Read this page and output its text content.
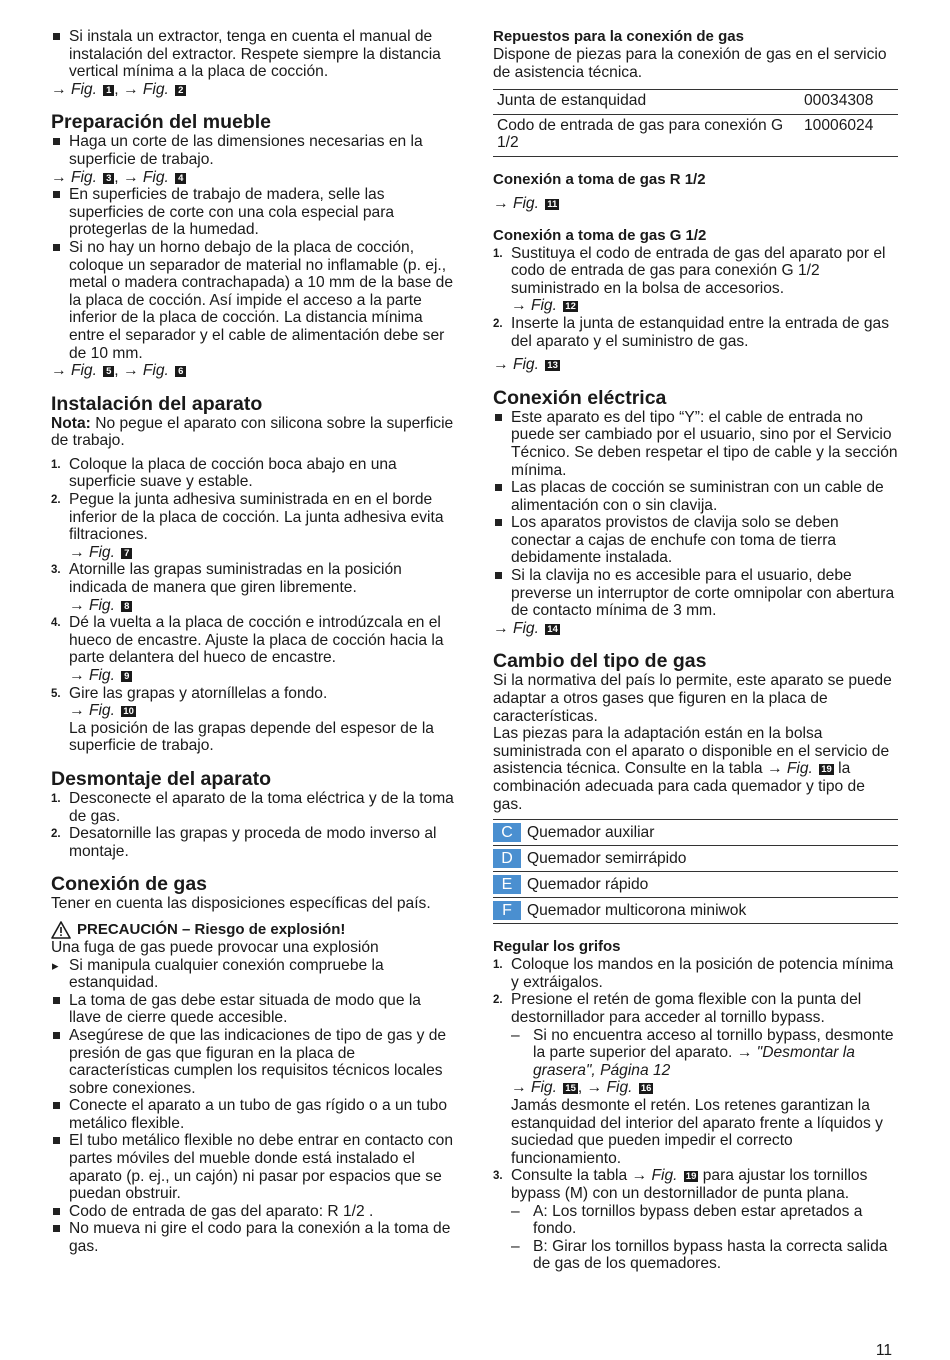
Si instala un extractor, tenga en cuenta el manual de instalación del extractor. Respete siempre la distancia vertical mínima a la placa de cocción.
→ Fig. 1 , → Fig. 2
Preparación del mueble
Haga un corte de las dimensiones necesarias en la superficie de trabajo.
→ Fig. 3 , → Fig. 4
En superficies de trabajo de madera, selle las superficies de corte con una cola especial para protegerlas de la humedad.
Si no hay un horno debajo de la placa de cocción, coloque un separador de material no inflamable (p. ej., metal o madera contrachapada) a 10 mm de la base de la placa de cocción. Así impide el acceso a la parte inferior de la placa de cocción. La distancia mínima entre el separador y el cable de alimentación debe ser de 10 mm.
→ Fig. 5 , → Fig. 6
Instalación del aparato

Nota: No pegue el aparato con silicona sobre la superficie de trabajo.

1. Coloque la placa de cocción boca abajo en una superficie suave y estable.
2. Pegue la junta adhesiva suministrada en en el borde inferior de la placa de cocción. La junta adhesiva evita filtraciones.
→ Fig. 7
3. Atornille las grapas suministradas en la posición indicada de manera que giren libremente.
→ Fig. 8
4. Dé la vuelta a la placa de cocción e introdúzcala en el hueco de encastre. Ajuste la placa de cocción hacia la parte delantera del hueco de encastre.
→ Fig. 9
5. Gire las grapas y atorníllelas a fondo.
→ Fig. 10
La posición de las grapas depende del espesor de la superficie de trabajo.
Desmontaje del aparato
1. Desconecte el aparato de la toma eléctrica y de la toma de gas.
2. Desatornille las grapas y proceda de modo inverso al montaje.
Conexión de gas

Tener en cuenta las disposiciones específicas del país.

PRECAUCIÓN – Riesgo de explosión!

Una fuga de gas puede provocar una explosión

▸ Si manipula cualquier conexión compruebe la estanquidad.
La toma de gas debe estar situada de modo que la llave de cierre quede accesible.
Asegúrese de que las indicaciones de tipo de gas y de presión de gas que figuran en la placa de características cumplen los requisitos técnicos locales sobre conexiones.
Conecte el aparato a un tubo de gas rígido o a un tubo metálico flexible.
El tubo metálico flexible no debe entrar en contacto con partes móviles del mueble donde está instalado el aparato (p. ej., un cajón) ni pasar por espacios que se puedan obstruir.
Codo de entrada de gas del aparato: R 1/2 .
No mueva ni gire el codo para la conexión a la toma de gas.
Repuestos para la conexión de gas

Dispone de piezas para la conexión de gas en el servicio de asistencia técnica.

Junta de estanquidad	00034308
Codo de entrada de gas para conexión G 1/2	10006024
Conexión a toma de gas R 1/2
→ Fig. 11
Conexión a toma de gas G 1/2
1. Sustituya el codo de entrada de gas del aparato por el codo de entrada de gas para conexión G 1/2 suministrado en la bolsa de accesorios.
→ Fig. 12
2. Inserte la junta de estanquidad entre la entrada de gas del aparato y el suministro de gas.
→ Fig. 13
Conexión eléctrica
Este aparato es del tipo “Y”: el cable de entrada no puede ser cambiado por el usuario, sino por el Servicio Técnico. Se deben respetar el tipo de cable y la sección mínima.
Las placas de cocción se suministran con un cable de alimentación con o sin clavija.
Los aparatos provistos de clavija solo se deben conectar a cajas de enchufe con toma de tierra debidamente instalada.
Si la clavija no es accesible para el usuario, debe preverse un interruptor de corte omnipolar con abertura de contacto mínima de 3 mm.
→ Fig. 14
Cambio del tipo de gas

Si la normativa del país lo permite, este aparato se puede adaptar a otros gases que figuren en la placa de características.

Las piezas para la adaptación están en la bolsa suministrada con el aparato o disponible en el servicio de asistencia técnica. Consulte en la tabla → Fig. 19 la combinación adecuada para cada quemador y tipo de gas.

C	Quemador auxiliar

D	Quemador semirrápido

E	Quemador rápido

F	Quemador multicorona miniwok
Regular los grifos
1. Coloque los mandos en la posición de potencia mínima y extráigalos.
2. Presione el retén de goma flexible con la punta del destornillador para acceder al tornillo bypass.
– Si no encuentra acceso al tornillo bypass, desmonte la parte superior del aparato. → "Desmontar la grasera", Página 12
→ Fig. 15 , → Fig. 16
Jamás desmonte el retén. Los retenes garantizan la estanquidad del interior del aparato frente a líquidos y suciedad que pueden impedir el correcto funcionamiento.
3. Consulte la tabla → Fig. 19 para ajustar los tornillos bypass (M) con un destornillador de punta plana.
– A: Los tornillos bypass deben estar apretados a fondo.
– B: Girar los tornillos bypass hasta la correcta salida de gas de los quemadores.
11
